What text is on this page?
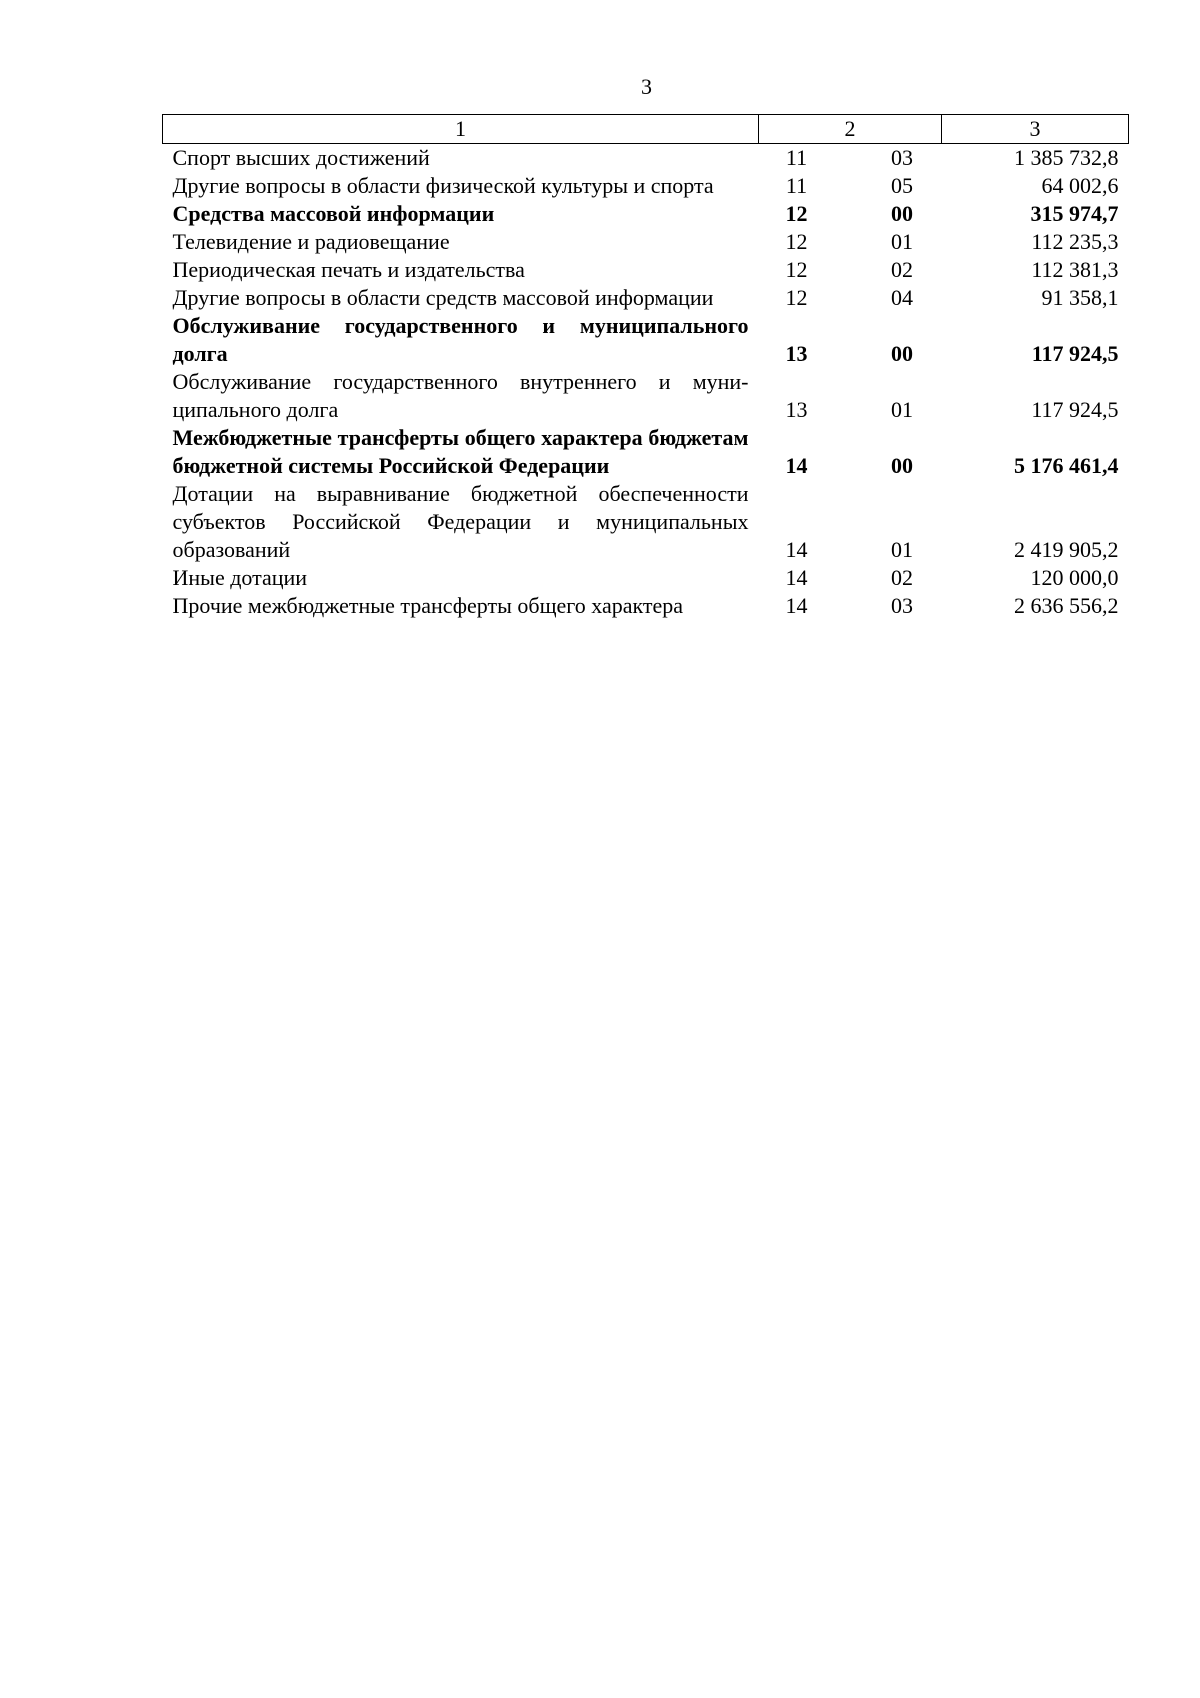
3
1	2		3
Спорт высших достижений	11	03	1 385 732,8
Другие вопросы в области физической культуры и спорта	11	05	64 002,6
Средства массовой информации	12	00	315 974,7
Телевидение и радиовещание	12	01	112 235,3
Периодическая печать и издательства	12	02	112 381,3
Другие вопросы в области средств массовой информации	12	04	91 358,1
Обслуживание государственного и муниципального долга	13	00	117 924,5
Обслуживание государственного внутреннего и муниципального долга	13	01	117 924,5
Межбюджетные трансферты общего характера бюджетам бюджетной системы Российской Федерации	14	00	5 176 461,4
Дотации на выравнивание бюджетной обеспеченности субъектов Российской Федерации и муниципальных образований	14	01	2 419 905,2
Иные дотации	14	02	120 000,0
Прочие межбюджетные трансферты общего характера	14	03	2 636 556,2
